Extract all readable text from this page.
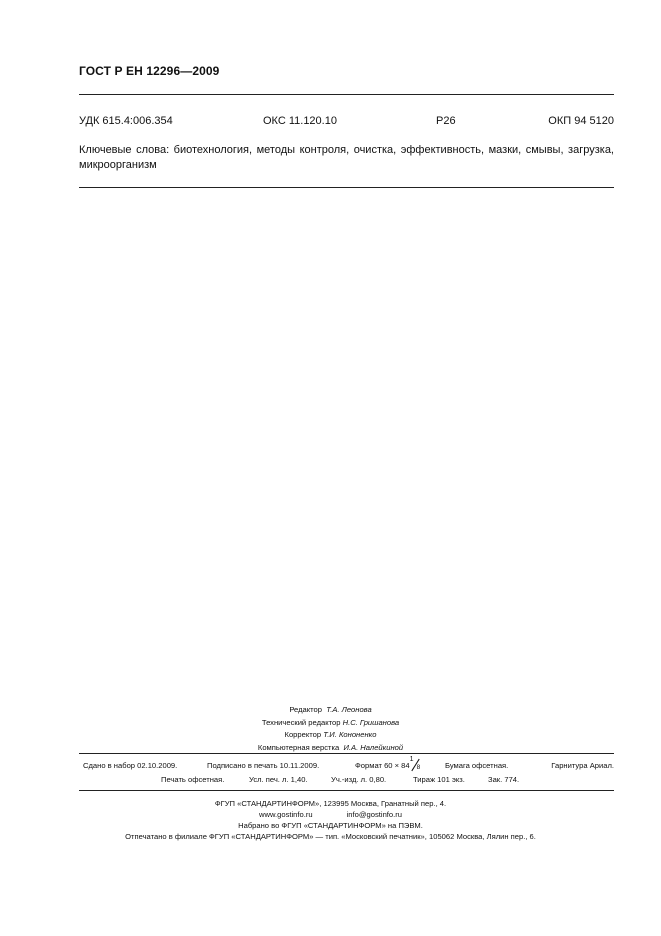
ГОСТ Р ЕН 12296—2009
УДК 615.4:006.354	ОКС 11.120.10	Р26	ОКП 94 5120
Ключевые слова: биотехнология, методы контроля, очистка, эффективность, мазки, смывы, загрузка, микроорганизм
Редактор Т.А. Леонова
Технический редактор Н.С. Гришанова
Корректор Т.И. Кононенко
Компьютерная верстка И.А. Налейкиной
Сдано в набор 02.10.2009.	Подписано в печать 10.11.2009.	Формат 60 × 84
1
8	Бумага офсетная.	Гарнитура Ариал.
Печать офсетная.	Усл. печ. л. 1,40.	Уч.-изд. л. 0,80.	Тираж 101 экз.	Зак. 774.
ФГУП «СТАНДАРТИНФОРМ», 123995 Москва, Гранатный пер., 4.
www.gostinfo.ru	info@gostinfo.ru
Набрано во ФГУП «СТАНДАРТИНФОРМ» на ПЭВМ.
Отпечатано в филиале ФГУП «СТАНДАРТИНФОРМ» — тип. «Московский печатник», 105062 Москва, Лялин пер., 6.
